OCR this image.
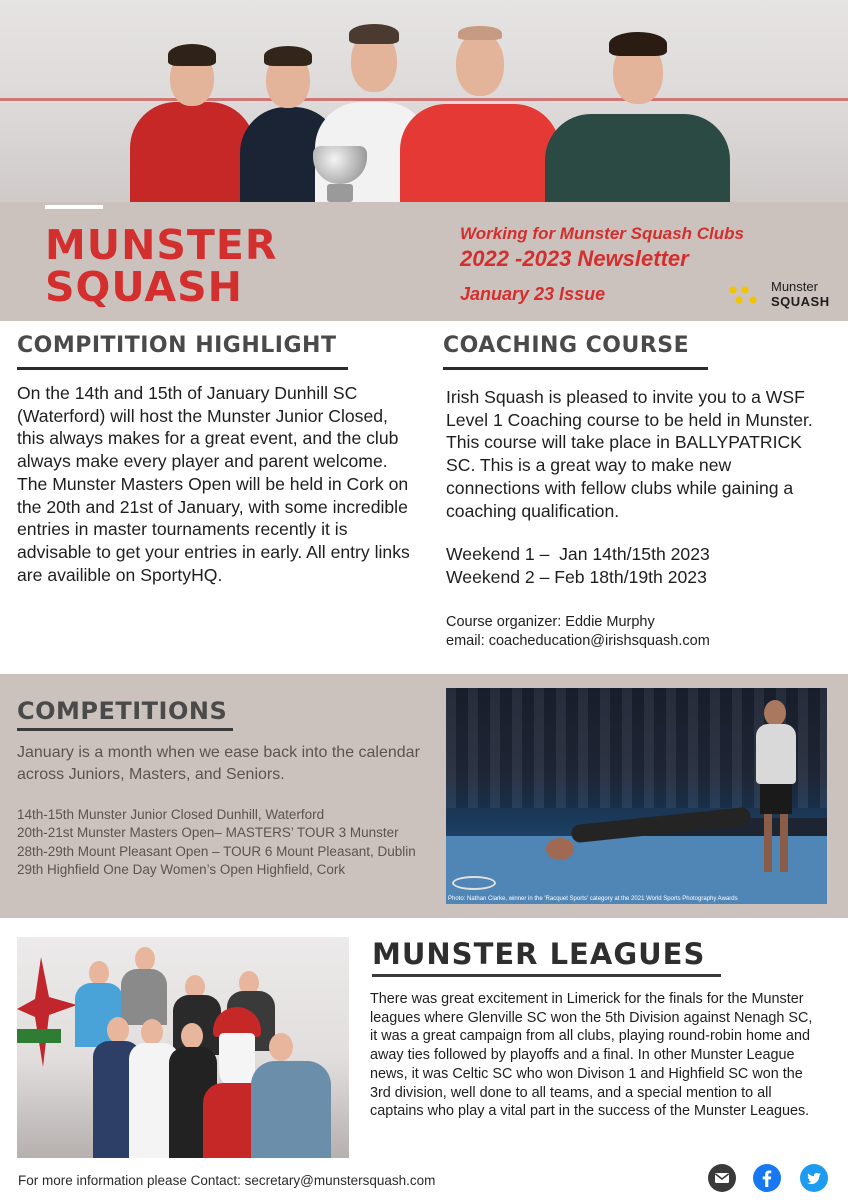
MUNSTER
SQUASH
Working for Munster Squash Clubs
2022 -2023 Newsletter
January 23 Issue	Munster
SQUASH
COMPITITION HIGHLIGHT
On the 14th and 15th of January Dunhill SC (Waterford) will host the Munster Junior Closed, this always makes for a great event, and the club always make every player and parent welcome. The Munster Masters Open will be held in Cork on the 20th and 21st of January, with some incredible entries in master tournaments recently it is advisable to get your entries in early. All entry links are availible on SportyHQ.
COACHING COURSE
Irish Squash is pleased to invite you to a WSF Level 1 Coaching course to be held in Munster. This course will take place in BALLYPATRICK SC. This is a great way to make new connections with fellow clubs while gaining a coaching qualification.
Weekend 1 –  Jan 14th/15th 2023
Weekend 2 – Feb 18th/19th 2023
Course organizer: Eddie Murphy
email: coacheducation@irishsquash.com
COMPETITIONS
January is a month when we ease back into the calendar across Juniors, Masters, and Seniors.
14th-15th Munster Junior Closed Dunhill, Waterford
20th-21st Munster Masters Open– MASTERS’ TOUR 3 Munster
28th-29th Mount Pleasant Open – TOUR 6 Mount Pleasant, Dublin
29th Highfield One Day Women’s Open Highfield, Cork
Photo: Nathan Clarke, winner in the 'Racquet Sports' category at the 2021 World Sports Photography Awards
MUNSTER LEAGUES
There was great excitement in Limerick for the finals for the Munster leagues where Glenville SC won the 5th Division against Nenagh SC, it was a great campaign from all clubs, playing round-robin home and away ties followed by playoffs and a final. In other Munster League news, it was Celtic SC who won Divison 1 and Highfield SC won the 3rd division, well done to all teams, and a special mention to all captains who play a vital part in the success of the Munster Leagues.
For more information please Contact: secretary@munstersquash.com
